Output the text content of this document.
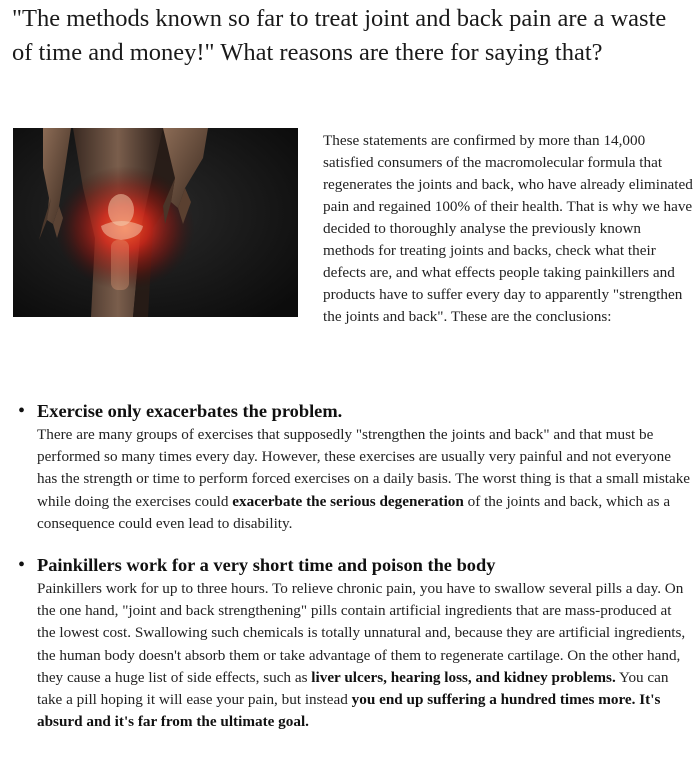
"The methods known so far to treat joint and back pain are a waste of time and money!" What reasons are there for saying that?

These statements are confirmed by more than 14,000 satisfied consumers of the macromolecular formula that regenerates the joints and back, who have already eliminated pain and regained 100% of their health. That is why we have decided to thoroughly analyse the previously known methods for treating joints and backs, check what their defects are, and what effects people taking painkillers and products have to suffer every day to apparently "strengthen the joints and back". These are the conclusions:

• Exercise only exacerbates the problem.

There are many groups of exercises that supposedly "strengthen the joints and back" and that must be performed so many times every day. However, these exercises are usually very painful and not everyone has the strength or time to perform forced exercises on a daily basis. The worst thing is that a small mistake while doing the exercises could exacerbate the serious degeneration of the joints and back, which as a consequence could even lead to disability.

• Painkillers work for a very short time and poison the body

Painkillers work for up to three hours. To relieve chronic pain, you have to swallow several pills a day. On the one hand, "joint and back strengthening" pills contain artificial ingredients that are mass-produced at the lowest cost. Swallowing such chemicals is totally unnatural and, because they are artificial ingredients, the human body doesn't absorb them or take advantage of them to regenerate cartilage. On the other hand, they cause a huge list of side effects, such as liver ulcers, hearing loss, and kidney problems. You can take a pill hoping it will ease your pain, but instead you end up suffering a hundred times more. It's absurd and it's far from the ultimate goal.
